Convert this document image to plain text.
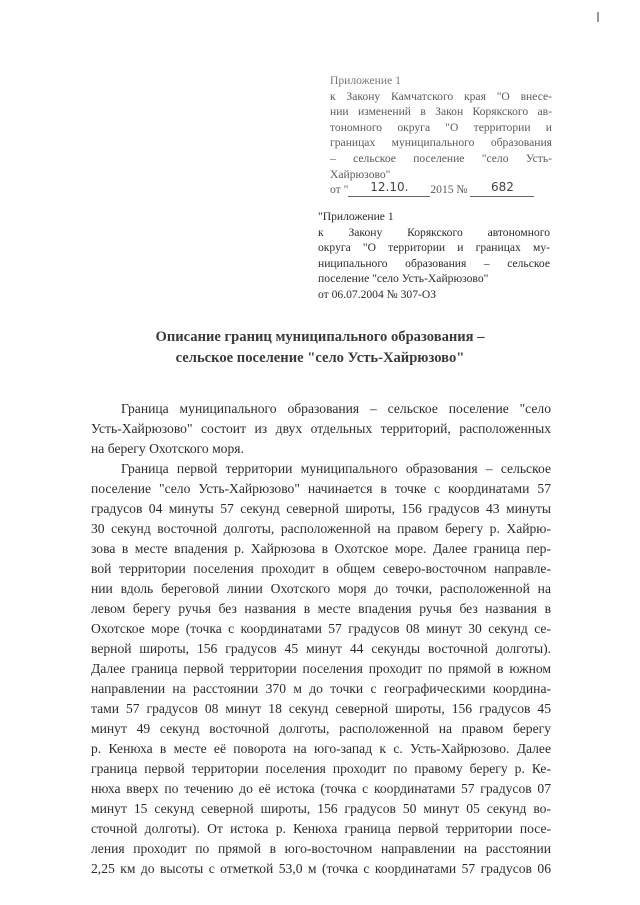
Приложение 1
к Закону Камчатского края "О внесе-
нии изменений в Закон Корякского ав-
тономного округа "О территории и
границах муниципального образования
– сельское поселение "село Усть-
Хайрюзово"
от " 12.10. 2015 № 682
"Приложение 1
к Закону Корякского автономного
округа "О территории и границах му-
ниципального образования – сельское
поселение "село Усть-Хайрюзово"
от 06.07.2004 № 307-ОЗ
Описание границ муниципального образования –
сельское поселение "село Усть-Хайрюзово"

Граница муниципального образования – сельское поселение "село
Усть-Хайрюзово" состоит из двух отдельных территорий, расположенных
на берегу Охотского моря.

Граница первой территории муниципального образования – сельское
поселение "село Усть-Хайрюзово" начинается в точке с координатами 57
градусов 04 минуты 57 секунд северной широты, 156 градусов 43 минуты
30 секунд восточной долготы, расположенной на правом берегу р. Хайрю-
зова в месте впадения р. Хайрюзова в Охотское море. Далее граница пер-
вой территории поселения проходит в общем северо-восточном направле-
нии вдоль береговой линии Охотского моря до точки, расположенной на
левом берегу ручья без названия в месте впадения ручья без названия в
Охотское море (точка с координатами 57 градусов 08 минут 30 секунд се-
верной широты, 156 градусов 45 минут 44 секунды восточной долготы).
Далее граница первой территории поселения проходит по прямой в южном
направлении на расстоянии 370 м до точки с географическими координа-
тами 57 градусов 08 минут 18 секунд северной широты, 156 градусов 45
минут 49 секунд восточной долготы, расположенной на правом берегу
р. Кенюха в месте её поворота на юго-запад к с. Усть-Хайрюзово. Далее
граница первой территории поселения проходит по правому берегу р. Ке-
нюха вверх по течению до её истока (точка с координатами 57 градусов 07
минут 15 секунд северной широты, 156 градусов 50 минут 05 секунд во-
сточной долготы). От истока р. Кенюха граница первой территории посе-
ления проходит по прямой в юго-восточном направлении на расстоянии
2,25 км до высоты с отметкой 53,0 м (точка с координатами 57 градусов 06
